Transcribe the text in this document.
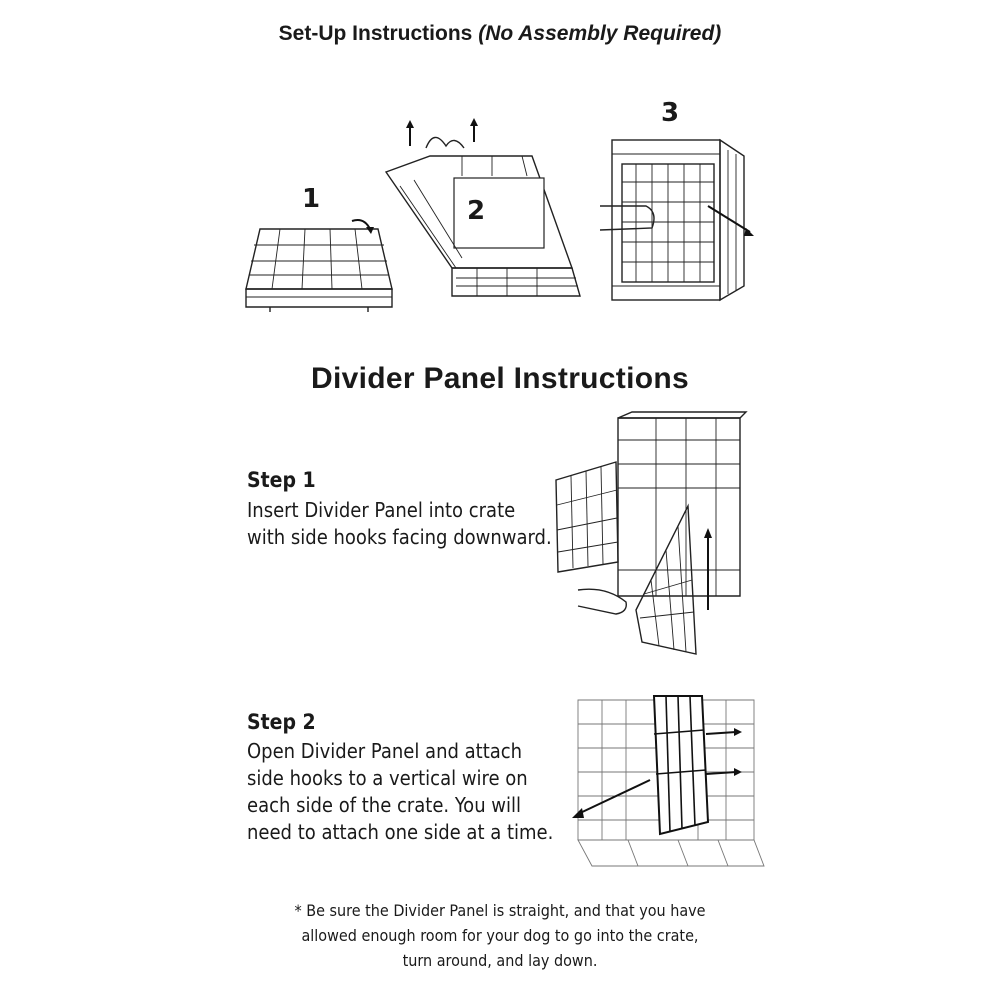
Set-Up Instructions (No Assembly Required)
1	2
3
Divider Panel Instructions
Step 1
Insert Divider Panel into crate
with side hooks facing downward.
Step 2
Open Divider Panel and attach
side hooks to a vertical wire on
each side of the crate. You will
need to attach one side at a time.
* Be sure the Divider Panel is straight, and that you have
allowed enough room for your dog to go into the crate,
turn around, and lay down.
